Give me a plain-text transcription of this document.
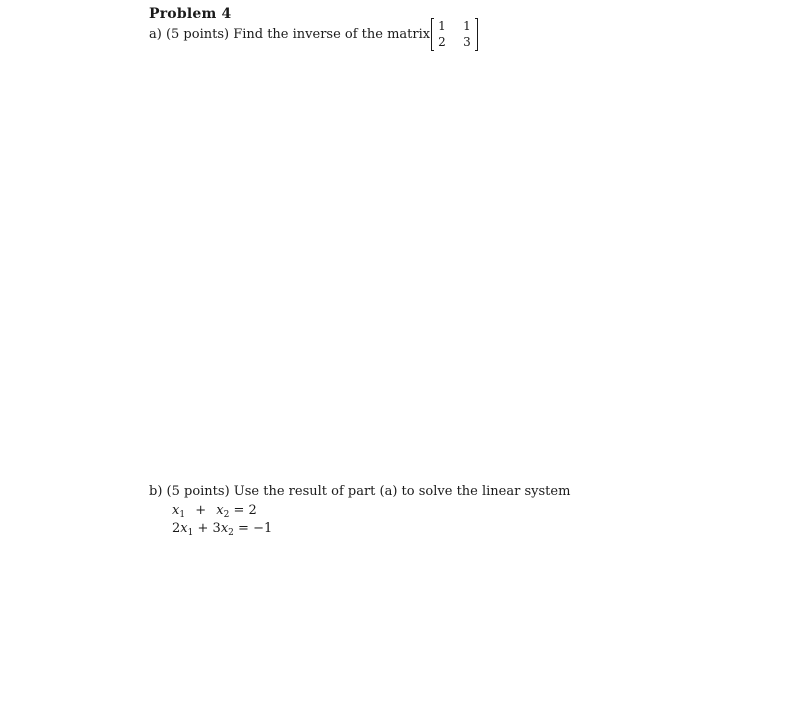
Problem 4
a) (5 points) Find the inverse of the matrix
1 1
2 3
b) (5 points) Use the result of part (a) to solve the linear system
$x_1 + x_2 = 2$
$2x_1 + 3x_2 = -1$
